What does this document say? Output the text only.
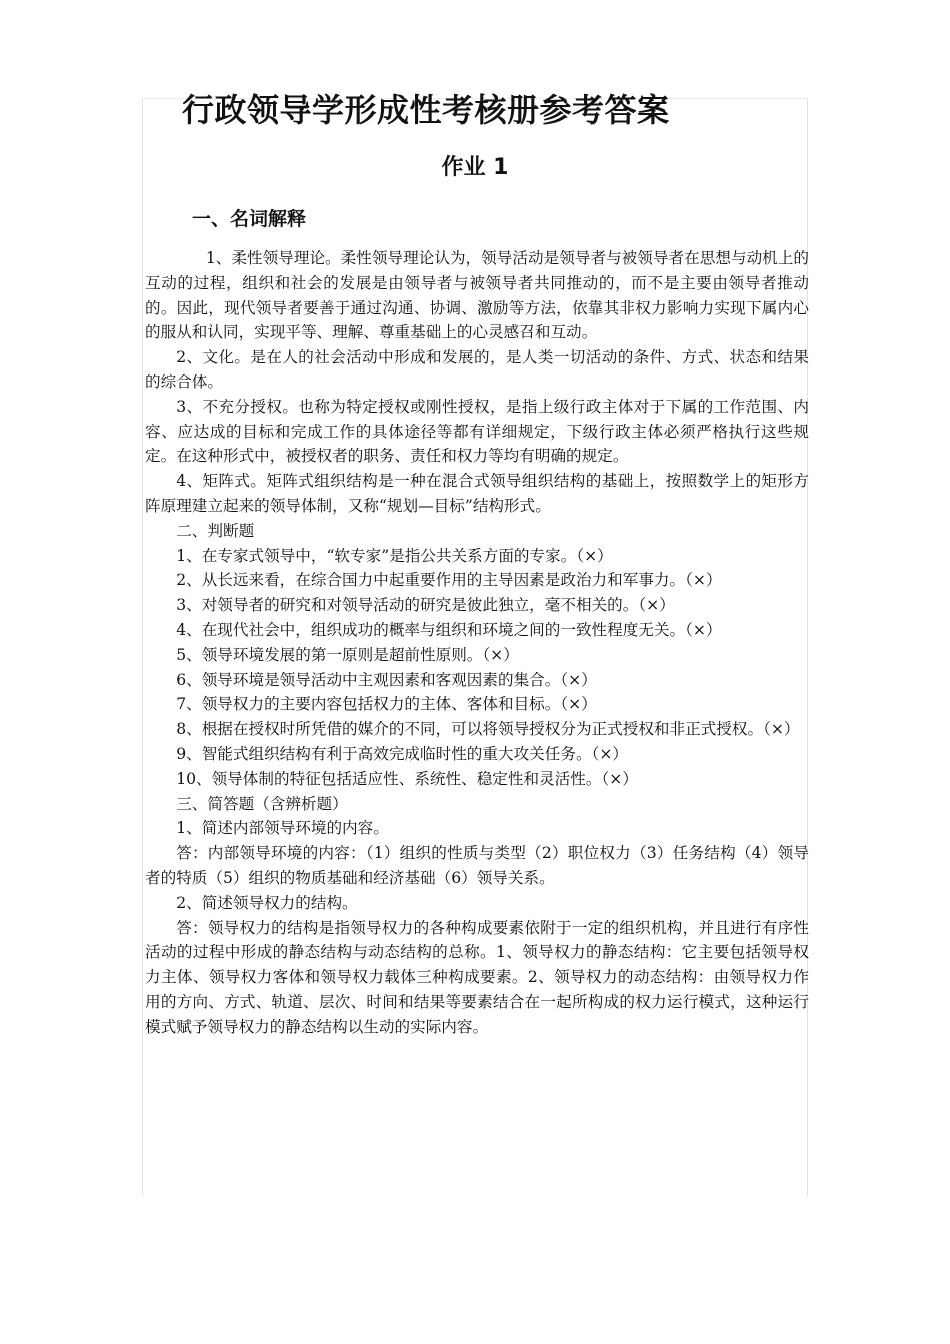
行政领导学形成性考核册参考答案
作业 1
一、名词解释

1、柔性领导理论。柔性领导理论认为，领导活动是领导者与被领导者在思想与动机上的互动的过程，组织和社会的发展是由领导者与被领导者共同推动的，而不是主要由领导者推动的。因此，现代领导者要善于通过沟通、协调、激励等方法，依靠其非权力影响力实现下属内心的服从和认同，实现平等、理解、尊重基础上的心灵感召和互动。

2、文化。是在人的社会活动中形成和发展的，是人类一切活动的条件、方式、状态和结果的综合体。

3、不充分授权。也称为特定授权或刚性授权，是指上级行政主体对于下属的工作范围、内容、应达成的目标和完成工作的具体途径等都有详细规定，下级行政主体必须严格执行这些规定。在这种形式中，被授权者的职务、责任和权力等均有明确的规定。

4、矩阵式。矩阵式组织结构是一种在混合式领导组织结构的基础上，按照数学上的矩形方阵原理建立起来的领导体制，又称“规划—目标”结构形式。

二、判断题

1、在专家式领导中，“软专家”是指公共关系方面的专家。（×）

2、从长远来看，在综合国力中起重要作用的主导因素是政治力和军事力。（×）

3、对领导者的研究和对领导活动的研究是彼此独立，毫不相关的。（×）

4、在现代社会中，组织成功的概率与组织和环境之间的一致性程度无关。（×）

5、领导环境发展的第一原则是超前性原则。（×）

6、领导环境是领导活动中主观因素和客观因素的集合。（×）

7、领导权力的主要内容包括权力的主体、客体和目标。（×）

8、根据在授权时所凭借的媒介的不同，可以将领导授权分为正式授权和非正式授权。（×）

9、智能式组织结构有利于高效完成临时性的重大攻关任务。（×）

10、领导体制的特征包括适应性、系统性、稳定性和灵活性。（×）

三、简答题（含辨析题）

1、简述内部领导环境的内容。

答：内部领导环境的内容：（1）组织的性质与类型（2）职位权力（3）任务结构（4）领导者的特质（5）组织的物质基础和经济基础（6）领导关系。

2、简述领导权力的结构。

答：领导权力的结构是指领导权力的各种构成要素依附于一定的组织机构，并且进行有序性活动的过程中形成的静态结构与动态结构的总称。1、领导权力的静态结构：它主要包括领导权力主体、领导权力客体和领导权力载体三种构成要素。2、领导权力的动态结构：由领导权力作用的方向、方式、轨道、层次、时间和结果等要素结合在一起所构成的权力运行模式，这种运行模式赋予领导权力的静态结构以生动的实际内容。
